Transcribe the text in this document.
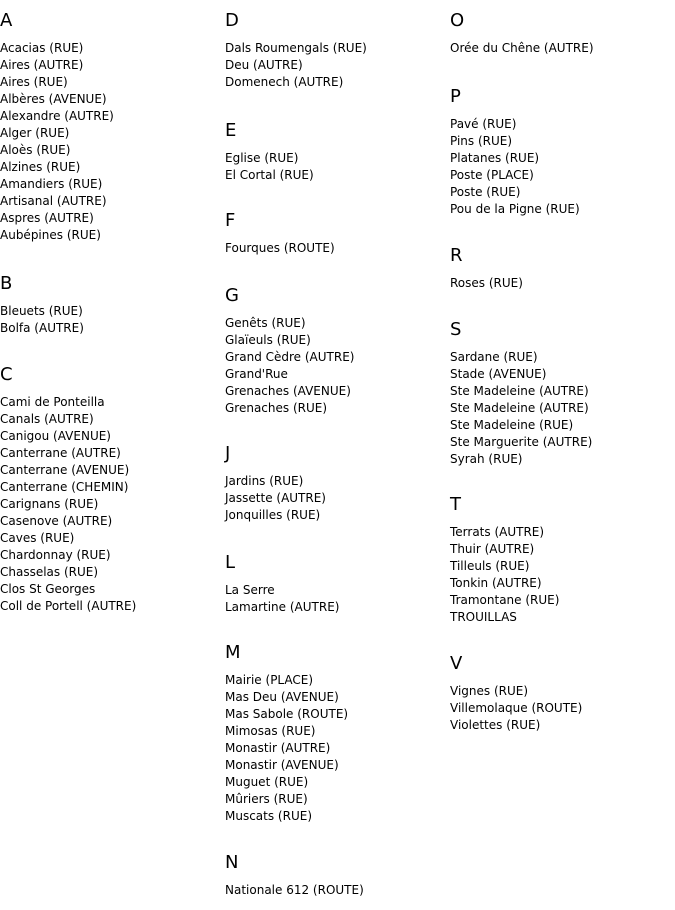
A
Acacias (RUE)
Aires (AUTRE)
Aires (RUE)
Albères (AVENUE)
Alexandre (AUTRE)
Alger (RUE)
Aloès (RUE)
Alzines (RUE)
Amandiers (RUE)
Artisanal (AUTRE)
Aspres (AUTRE)
Aubépines (RUE)
B
Bleuets (RUE)
Bolfa (AUTRE)
C
Cami de Ponteilla
Canals (AUTRE)
Canigou (AVENUE)
Canterrane (AUTRE)
Canterrane (AVENUE)
Canterrane (CHEMIN)
Carignans (RUE)
Casenove (AUTRE)
Caves (RUE)
Chardonnay (RUE)
Chasselas (RUE)
Clos St Georges
Coll de Portell (AUTRE)
D
Dals Roumengals (RUE)
Deu (AUTRE)
Domenech (AUTRE)
E
Eglise (RUE)
El Cortal (RUE)
F
Fourques (ROUTE)
G
Genêts (RUE)
Glaïeuls (RUE)
Grand Cèdre (AUTRE)
Grand'Rue
Grenaches (AVENUE)
Grenaches (RUE)
J
Jardins (RUE)
Jassette (AUTRE)
Jonquilles (RUE)
L
La Serre
Lamartine (AUTRE)
M
Mairie (PLACE)
Mas Deu (AVENUE)
Mas Sabole (ROUTE)
Mimosas (RUE)
Monastir (AUTRE)
Monastir (AVENUE)
Muguet (RUE)
Mûriers (RUE)
Muscats (RUE)
N
Nationale 612 (ROUTE)
O
Orée du Chêne (AUTRE)
P
Pavé (RUE)
Pins (RUE)
Platanes (RUE)
Poste (PLACE)
Poste (RUE)
Pou de la Pigne (RUE)
R
Roses (RUE)
S
Sardane (RUE)
Stade (AVENUE)
Ste Madeleine (AUTRE)
Ste Madeleine (AUTRE)
Ste Madeleine (RUE)
Ste Marguerite (AUTRE)
Syrah (RUE)
T
Terrats (AUTRE)
Thuir (AUTRE)
Tilleuls (RUE)
Tonkin (AUTRE)
Tramontane (RUE)
TROUILLAS
V
Vignes (RUE)
Villemolaque (ROUTE)
Violettes (RUE)
